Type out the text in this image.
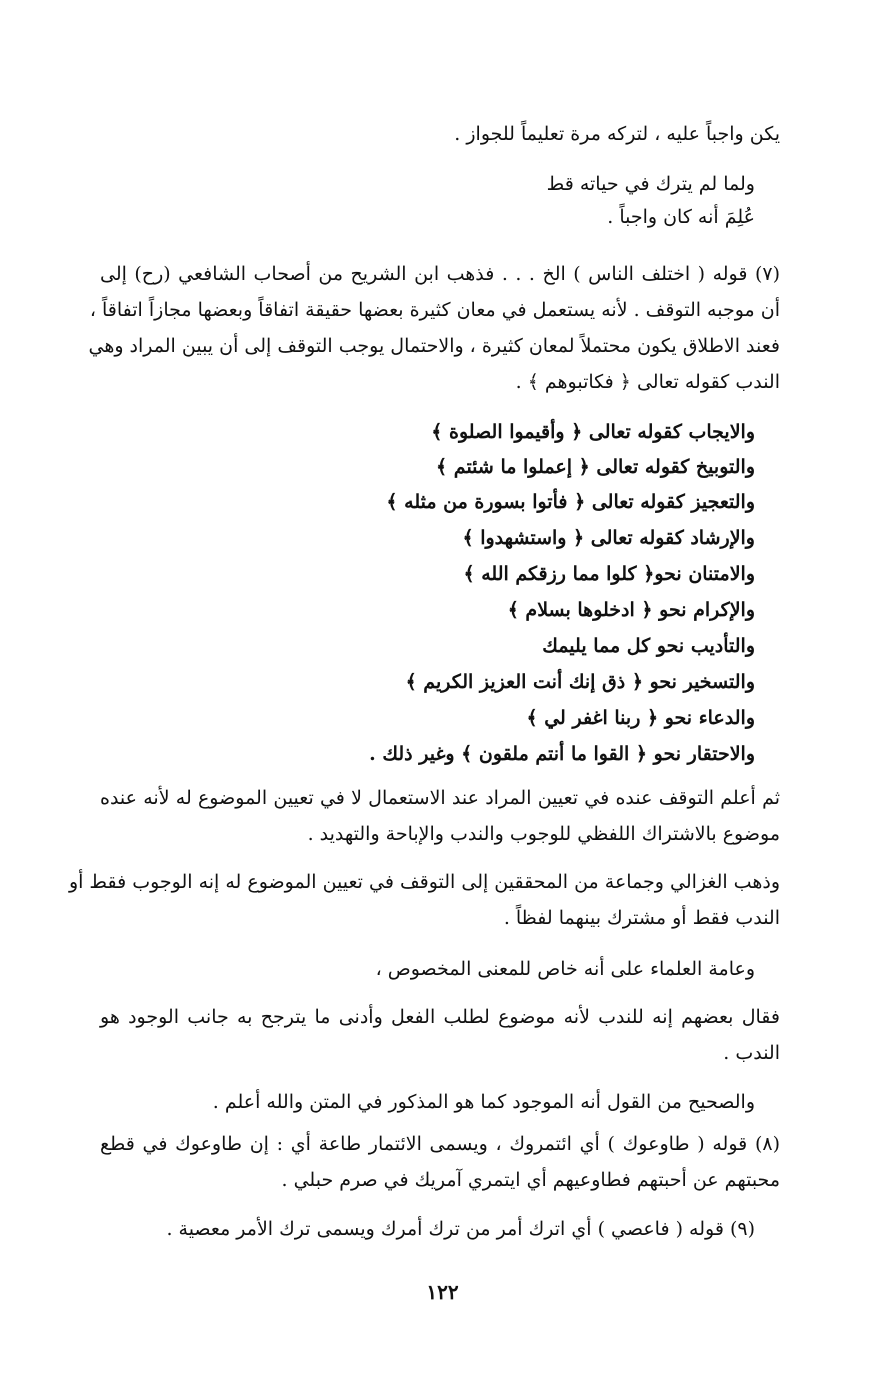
يكن واجباً عليه ، لتركه مرة تعليماً للجواز .
ولما لم يترك في حياته قط
عُلِمَ أنه كان واجباً .
(٧) قوله ( اختلف الناس ) الخ . . . فذهب ابن الشريح من أصحاب الشافعي (رح) إلى
أن موجبه التوقف . لأنه يستعمل في معان كثيرة بعضها حقيقة اتفاقاً وبعضها مجازاً اتفاقاً ،
فعند الاطلاق يكون محتملاً لمعان كثيرة ، والاحتمال يوجب التوقف إلى أن يبين المراد وهي
الندب كقوله تعالى ﴿ فكاتبوهم ﴾ .
والايجاب كقوله تعالى ﴿ وأقيموا الصلوة ﴾
والتوبيخ كقوله تعالى ﴿ إعملوا ما شئتم ﴾
والتعجيز كقوله تعالى ﴿ فأتوا بسورة من مثله ﴾
والإرشاد كقوله تعالى ﴿ واستشهدوا ﴾
والامتنان نحو﴿ كلوا مما رزقكم الله ﴾
والإكرام نحو ﴿ ادخلوها بسلام ﴾
والتأديب نحو كل مما يليمك
والتسخير نحو ﴿ ذق إنك أنت العزيز الكريم ﴾
والدعاء نحو ﴿ ربنا اغفر لي ﴾
والاحتقار نحو ﴿ القوا ما أنتم ملقون ﴾ وغير ذلك .
ثم أعلم التوقف عنده في تعيين المراد عند الاستعمال لا في تعيين الموضوع له لأنه عنده
موضوع بالاشتراك اللفظي للوجوب والندب والإباحة والتهديد .
وذهب الغزالي وجماعة من المحققين إلى التوقف في تعيين الموضوع له إنه الوجوب فقط أو
الندب فقط أو مشترك بينهما لفظاً .
وعامة العلماء على أنه خاص للمعنى المخصوص ،
فقال بعضهم إنه للندب لأنه موضوع لطلب الفعل وأدنى ما يترجح به جانب الوجود هو
الندب .
والصحيح من القول أنه الموجود كما هو المذكور في المتن والله أعلم .
(٨) قوله ( طاوعوك ) أي ائتمروك ، ويسمى الائتمار طاعة أي : إن طاوعوك في قطع
محبتهم عن أحبتهم فطاوعيهم أي ايتمري آمريك في صرم حبلي .
(٩) قوله ( فاعصي ) أي اترك أمر من ترك أمرك ويسمى ترك الأمر معصية .
١٢٢
